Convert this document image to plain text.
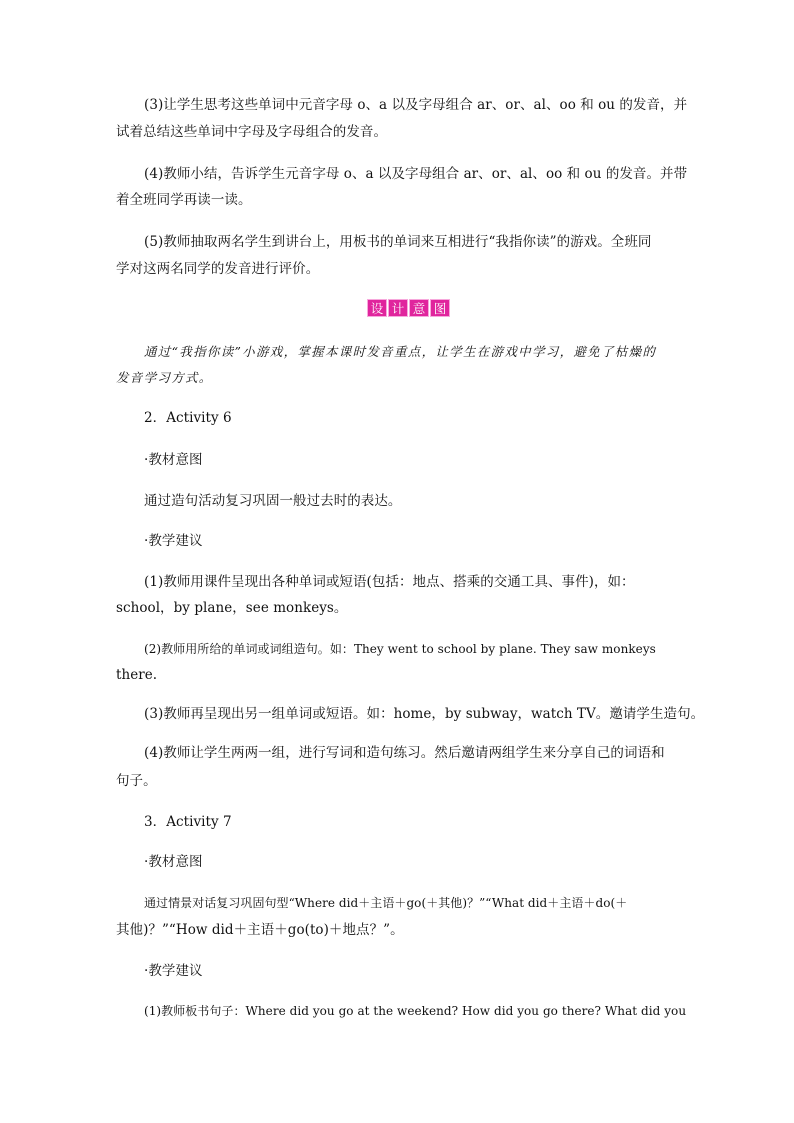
(3)让学生思考这些单词中元音字母 o、a 以及字母组合 ar、or、al、oo 和 ou 的发音，并
试着总结这些单词中字母及字母组合的发音。
(4)教师小结，告诉学生元音字母 o、a 以及字母组合 ar、or、al、oo 和 ou 的发音。并带
着全班同学再读一读。
(5)教师抽取两名学生到讲台上，用板书的单词来互相进行“我指你读”的游戏。全班同
学对这两名同学的发音进行评价。
设 计 意 图
通过“我指你读”小游戏，掌握本课时发音重点，让学生在游戏中学习，避免了枯燥的
发音学习方式。
2．Activity 6
·教材意图
通过造句活动复习巩固一般过去时的表达。
·教学建议
(1)教师用课件呈现出各种单词或短语(包括：地点、搭乘的交通工具、事件)，如：
school，by plane，see monkeys。
(2)教师用所给的单词或词组造句。如：They went to school by plane. They saw monkeys
there.
(3)教师再呈现出另一组单词或短语。如：home，by subway，watch TV。邀请学生造句。
(4)教师让学生两两一组，进行写词和造句练习。然后邀请两组学生来分享自己的词语和
句子。
3．Activity 7
·教材意图
通过情景对话复习巩固句型“Where did＋主语＋go(＋其他)？”“What did＋主语＋do(＋
其他)？”“How did＋主语＋go(to)＋地点？”。
·教学建议
(1)教师板书句子：Where did you go at the weekend? How did you go there? What did you
